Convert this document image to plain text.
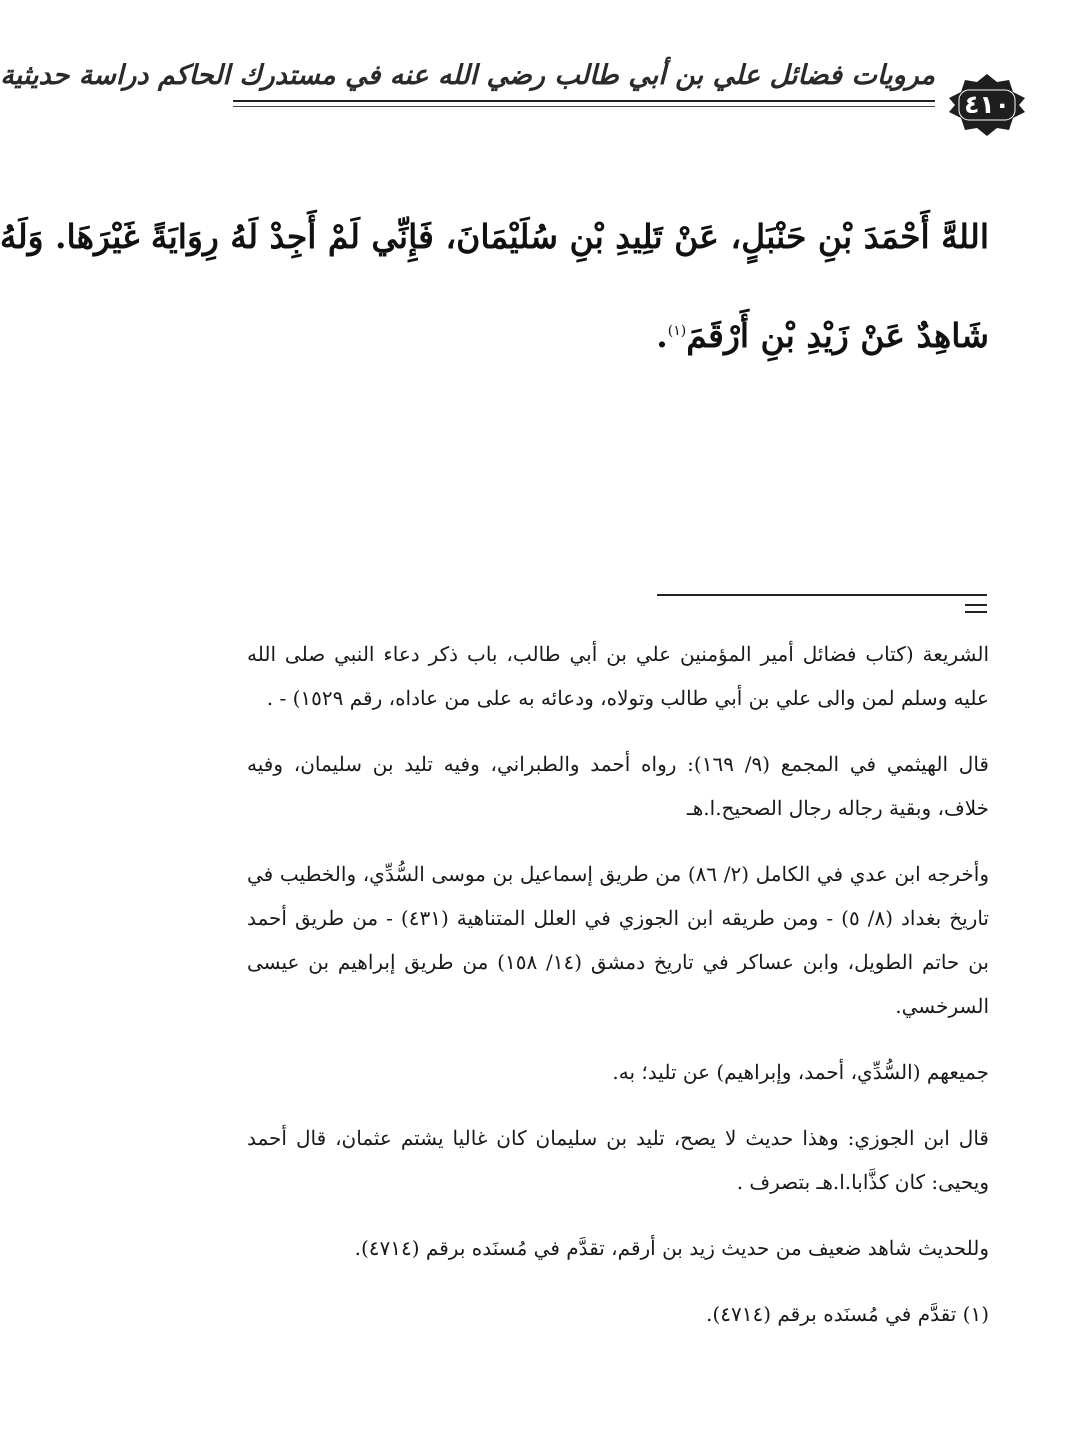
مرويات فضائل علي بن أبي طالب رضي الله عنه في مستدرك الحاكم دراسة حديثية
٤١٠
اللهَّ أَحْمَدَ بْنِ حَنْبَلٍ، عَنْ تَلِيدِ بْنِ سُلَيْمَانَ، فَإِنِّي لَمْ أَجِدْ لَهُ رِوَايَةً غَيْرَهَا. وَلَهُ
شَاهِدٌ عَنْ زَيْدِ بْنِ أَرْقَمَ$^{(١)}$.

الشريعة (كتاب فضائل أمير المؤمنين علي بن أبي طالب، باب ذكر دعاء النبي صلى الله عليه وسلم لمن والى علي بن أبي طالب وتولاه، ودعائه به على من عاداه، رقم ١٥٢٩) - .

قال الهيثمي في المجمع (٩/ ١٦٩): رواه أحمد والطبراني، وفيه تليد بن سليمان، وفيه خلاف، وبقية رجاله رجال الصحيح.ا.هـ

وأخرجه ابن عدي في الكامل (٢/ ٨٦) من طريق إسماعيل بن موسى السُّدِّي، والخطيب في تاريخ بغداد (٨/ ٥) - ومن طريقه ابن الجوزي في العلل المتناهية (٤٣١) - من طريق أحمد بن حاتم الطويل، وابن عساكر في تاريخ دمشق (١٤/ ١٥٨) من طريق إبراهيم بن عيسى السرخسي.

جميعهم (السُّدِّي، أحمد، وإبراهيم) عن تليد؛ به.

قال ابن الجوزي: وهذا حديث لا يصح، تليد بن سليمان كان غاليا يشتم عثمان، قال أحمد ويحيى: كان كذَّابا.ا.هـ بتصرف .

وللحديث شاهد ضعيف من حديث زيد بن أرقم، تقدَّم في مُسنَده برقم (٤٧١٤).

(١) تقدَّم في مُسنَده برقم (٤٧١٤).
